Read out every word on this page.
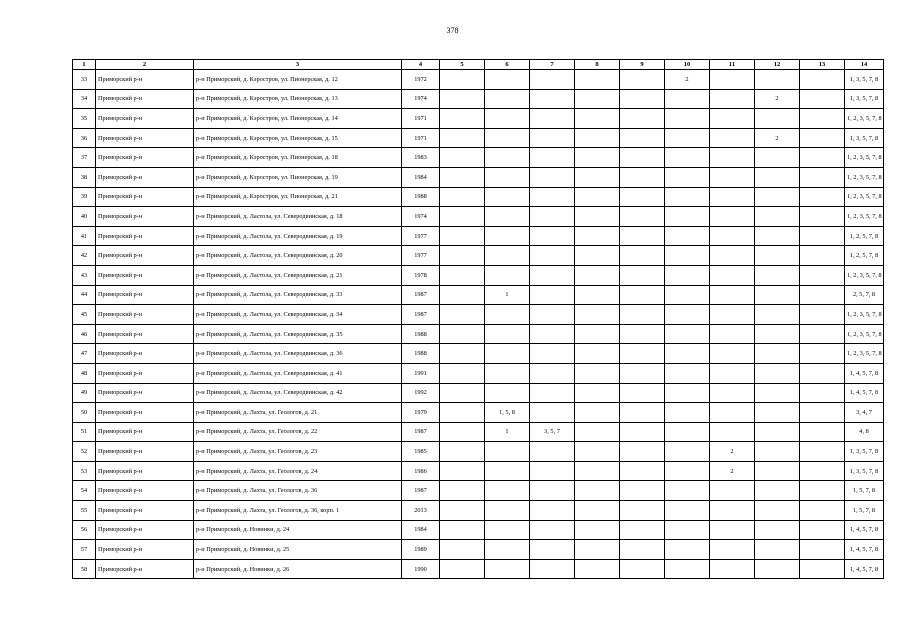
378
1	2	3	4	5	6	7	8	9	10	11	12	13	14
33	Приморский р-н	р-н Приморский, д. Кэростров, ул. Пионерская, д. 12	1972						2				1, 3, 5, 7, 8
34	Приморский р-н	р-н Приморский, д. Кэростров, ул. Пионерская, д. 13	1974								2		1, 3, 5, 7, 8
35	Приморский р-н	р-н Приморский, д. Кэростров, ул. Пионерская, д. 14	1971										1, 2, 3, 5, 7, 8
36	Приморский р-н	р-н Приморский, д. Кэростров, ул. Пионерская, д. 15	1971								2		1, 3, 5, 7, 8
37	Приморский р-н	р-н Приморский, д. Кэростров, ул. Пионерская, д. 18	1983										1, 2, 3, 5, 7, 8
38	Приморский р-н	р-н Приморский, д. Кэростров, ул. Пионерская, д. 19	1984										1, 2, 3, 5, 7, 8
39	Приморский р-н	р-н Приморский, д. Кэростров, ул. Пионерская, д. 21	1988										1, 2, 3, 5, 7, 8
40	Приморский р-н	р-н Приморский, д. Ластола, ул. Северодвинская, д. 18	1974										1, 2, 3, 5, 7, 8
41	Приморский р-н	р-н Приморский, д. Ластола, ул. Северодвинская, д. 19	1977										1, 2, 5, 7, 8
42	Приморский р-н	р-н Приморский, д. Ластола, ул. Северодвинская, д. 20	1977										1, 2, 5, 7, 8
43	Приморский р-н	р-н Приморский, д. Ластола, ул. Северодвинская, д. 21	1978										1, 2, 3, 5, 7, 8
44	Приморский р-н	р-н Приморский, д. Ластола, ул. Северодвинская, д. 33	1987		1								2, 5, 7, 8
45	Приморский р-н	р-н Приморский, д. Ластола, ул. Северодвинская, д. 34	1987										1, 2, 3, 5, 7, 8
46	Приморский р-н	р-н Приморский, д. Ластола, ул. Северодвинская, д. 35	1988										1, 2, 3, 5, 7, 8
47	Приморский р-н	р-н Приморский, д. Ластола, ул. Северодвинская, д. 36	1988										1, 2, 3, 5, 7, 8
48	Приморский р-н	р-н Приморский, д. Ластола, ул. Северодвинская, д. 41	1991										1, 4, 5, 7, 8
49	Приморский р-н	р-н Приморский, д. Ластола, ул. Северодвинская, д. 42	1992										1, 4, 5, 7, 8
50	Приморский р-н	р-н Приморский, д. Лахта, ул. Геологов, д. 21	1979		1, 5, 8								3, 4, 7
51	Приморский р-н	р-н Приморский, д. Лахта, ул. Геологов, д. 22	1987		1	3, 5, 7							4, 8
52	Приморский р-н	р-н Приморский, д. Лахта, ул. Геологов, д. 23	1985							2			1, 3, 5, 7, 8
53	Приморский р-н	р-н Приморский, д. Лахта, ул. Геологов, д. 24	1986							2			1, 3, 5, 7, 8
54	Приморский р-н	р-н Приморский, д. Лахта, ул. Геологов, д. 36	1987										1, 5, 7, 8
55	Приморский р-н	р-н Приморский, д. Лахта, ул. Геологов, д. 36, корп. 1	2013										1, 5, 7, 8
56	Приморский р-н	р-н Приморский, д. Новинки, д. 24	1984										1, 4, 5, 7, 8
57	Приморский р-н	р-н Приморский, д. Новинки, д. 25	1989										1, 4, 5, 7, 8
58	Приморский р-н	р-н Приморский, д. Новинки, д. 26	1990										1, 4, 5, 7, 8
